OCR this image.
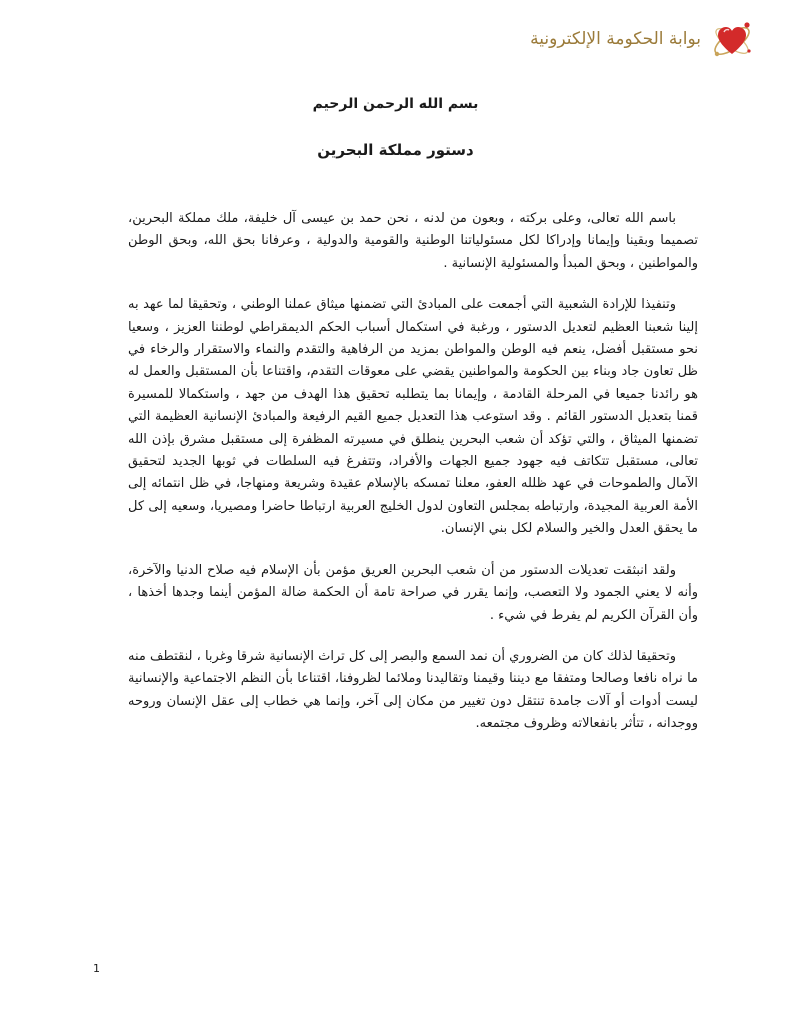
بوابة الحكومة الإلكترونية
بسم الله الرحمن الرحيم
دستور مملكة البحرين

باسم الله تعالى، وعلى بركته ، وبعون من لدنه ، نحن حمد بن عيسى آل خليفة، ملك مملكة البحرين، تصميما وبقينا وإيمانا وإدراكا لكل مسئولياتنا الوطنية والقومية والدولية ، وعرفانا بحق الله، وبحق الوطن والمواطنين ، وبحق المبدأ والمسئولية الإنسانية .

وتنفيذا للإرادة الشعبية التي أجمعت على المبادئ التي تضمنها ميثاق عملنا الوطني ، وتحقيقا لما عهد به إلينا شعبنا العظيم لتعديل الدستور ، ورغبة في استكمال أسباب الحكم الديمقراطي لوطننا العزيز ، وسعيا نحو مستقبل أفضل، ينعم فيه الوطن والمواطن بمزيد من الرفاهية والتقدم والنماء والاستقرار والرخاء في ظل تعاون جاد وبناء بين الحكومة والمواطنين يقضي على معوقات التقدم، واقتناعا بأن المستقبل والعمل له هو رائدنا جميعا في المرحلة القادمة ، وإيمانا بما يتطلبه تحقيق هذا الهدف من جهد ، واستكمالا للمسيرة قمنا بتعديل الدستور القائم . وقد استوعب هذا التعديل جميع القيم الرفيعة والمبادئ الإنسانية العظيمة التي تضمنها الميثاق ، والتي تؤكد أن شعب البحرين ينطلق في مسيرته المظفرة إلى مستقبل مشرق بإذن الله تعالى، مستقبل تتكاتف فيه جهود جميع الجهات والأفراد، وتتفرغ فيه السلطات في ثوبها الجديد لتحقيق الآمال والطموحات في عهد ظلله العفو، معلنا تمسكه بالإسلام عقيدة وشريعة ومنهاجا، في ظل انتمائه إلى الأمة العربية المجيدة، وارتباطه بمجلس التعاون لدول الخليج العربية ارتباطا حاضرا ومصيريا، وسعيه إلى كل ما يحقق العدل والخير والسلام لكل بني الإنسان.

ولقد انبثقت تعديلات الدستور من أن شعب البحرين العريق مؤمن بأن الإسلام فيه صلاح الدنيا والآخرة، وأنه لا يعني الجمود ولا التعصب، وإنما يقرر في صراحة تامة أن الحكمة ضالة المؤمن أينما وجدها أخذها ، وأن القرآن الكريم لم يفرط في شيء .

وتحقيقا لذلك كان من الضروري أن نمد السمع والبصر إلى كل تراث الإنسانية شرقا وغربا ، لنقتطف منه ما نراه نافعا وصالحا ومتفقا مع ديننا وقيمنا وتقاليدنا وملائما لظروفنا، اقتناعا بأن النظم الاجتماعية والإنسانية ليست أدوات أو آلات جامدة تنتقل دون تغيير من مكان إلى آخر، وإنما هي خطاب إلى عقل الإنسان وروحه ووجدانه ، تتأثر بانفعالاته وظروف مجتمعه.

1
